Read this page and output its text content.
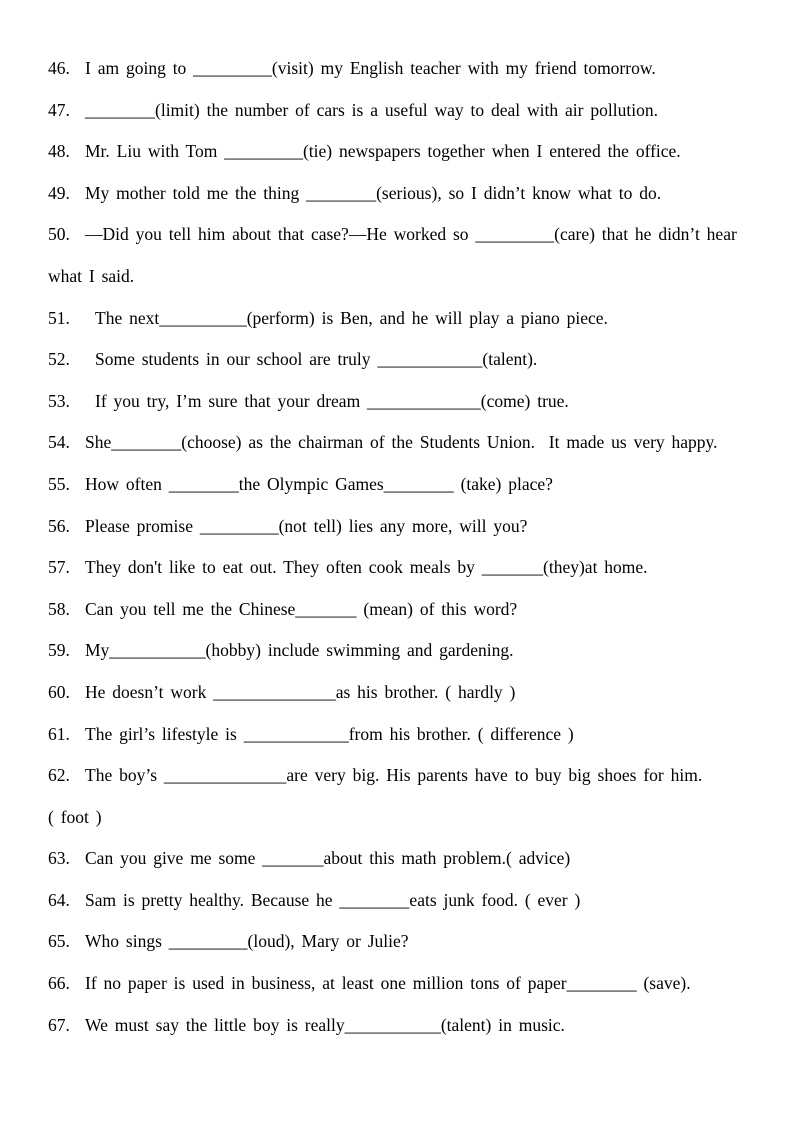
46. I am going to _________(visit) my English teacher with my friend tomorrow.
47. ________(limit) the number of cars is a useful way to deal with air pollution.
48. Mr. Liu with Tom _________(tie) newspapers together when I entered the office.
49. My mother told me the thing ________(serious), so I didn’t know what to do.
50. —Did you tell him about that case?—He worked so _________(care) that he didn’t hear
what I said.
51. The next__________(perform) is Ben, and he will play a piano piece.
52. Some students in our school are truly ____________(talent).
53. If you try, I’m sure that your dream _____________(come) true.
54. She________(choose) as the chairman of the Students Union.  It made us very happy.
55. How often ________the Olympic Games________ (take) place?
56. Please promise _________(not tell) lies any more, will you?
57. They don't like to eat out. They often cook meals by _______(they)at home.
58. Can you tell me the Chinese_______ (mean) of this word?
59. My___________(hobby) include swimming and gardening.
60. He doesn’t work ______________as his brother. ( hardly )
61. The girl’s lifestyle is ____________from his brother. ( difference )
62. The boy’s ______________are very big. His parents have to buy big shoes for him.
( foot )
63. Can you give me some _______about this math problem.( advice)
64. Sam is pretty healthy. Because he ________eats junk food. ( ever )
65. Who sings _________(loud), Mary or Julie?
66. If no paper is used in business, at least one million tons of paper________ (save).
67. We must say the little boy is really___________(talent) in music.
